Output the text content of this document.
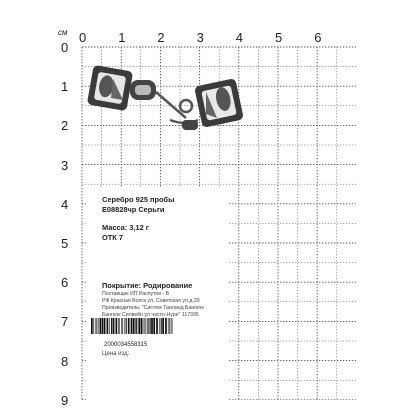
см 0 1 2 3 4 5 6
0
1
2
3
4
5
6
7
8
9
Серебро 925 пробы
E08828чр Серьги
Масса: 3,12 г
ОТК 7
Покрытие: Родирование
Поставщик ИП Распутов - В
РФ Красная Волга ул. Советская ул.д.39
Производитель: "Систем Таиланд Бангкок
Бангкок Силвейн ул часто-Hуре" 117935
2000034558315
Цена изд:
